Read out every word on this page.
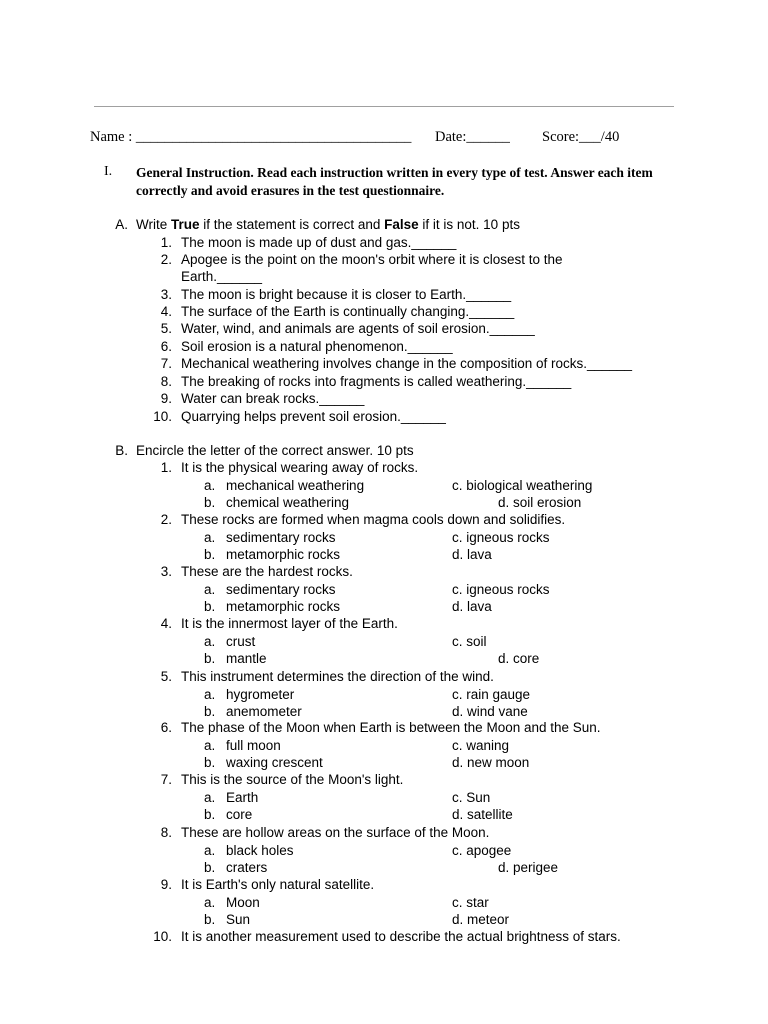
Name : ______________________________________ Date:______ Score:___/40
I. General Instruction. Read each instruction written in every type of test. Answer each item correctly and avoid erasures in the test questionnaire.
A. Write True if the statement is correct and False if it is not. 10 pts
1. The moon is made up of dust and gas.______
2. Apogee is the point on the moon's orbit where it is closest to the
Earth.______
3. The moon is bright because it is closer to Earth.______
4. The surface of the Earth is continually changing.______
5. Water, wind, and animals are agents of soil erosion.______
6. Soil erosion is a natural phenomenon.______
7. Mechanical weathering involves change in the composition of rocks.______
8. The breaking of rocks into fragments is called weathering.______
9. Water can break rocks.______
10. Quarrying helps prevent soil erosion.______
B. Encircle the letter of the correct answer. 10 pts
1. It is the physical wearing away of rocks.
a. mechanical weathering	c. biological weathering
b. chemical weathering	d. soil erosion
2. These rocks are formed when magma cools down and solidifies.
a. sedimentary rocks	c. igneous rocks
b. metamorphic rocks	d. lava
3. These are the hardest rocks.
a. sedimentary rocks	c. igneous rocks
b. metamorphic rocks	d. lava
4. It is the innermost layer of the Earth.
a. crust	c. soil
b. mantle	d. core
5. This instrument determines the direction of the wind.
a. hygrometer	c. rain gauge
b. anemometer	d. wind vane
6. The phase of the Moon when Earth is between the Moon and the Sun.
a. full moon	c. waning
b. waxing crescent	d. new moon
7. This is the source of the Moon's light.
a. Earth	c. Sun
b. core	d. satellite
8. These are hollow areas on the surface of the Moon.
a. black holes	c. apogee
b. craters	d. perigee
9. It is Earth's only natural satellite.
a. Moon	c. star
b. Sun	d. meteor
10. It is another measurement used to describe the actual brightness of stars.
